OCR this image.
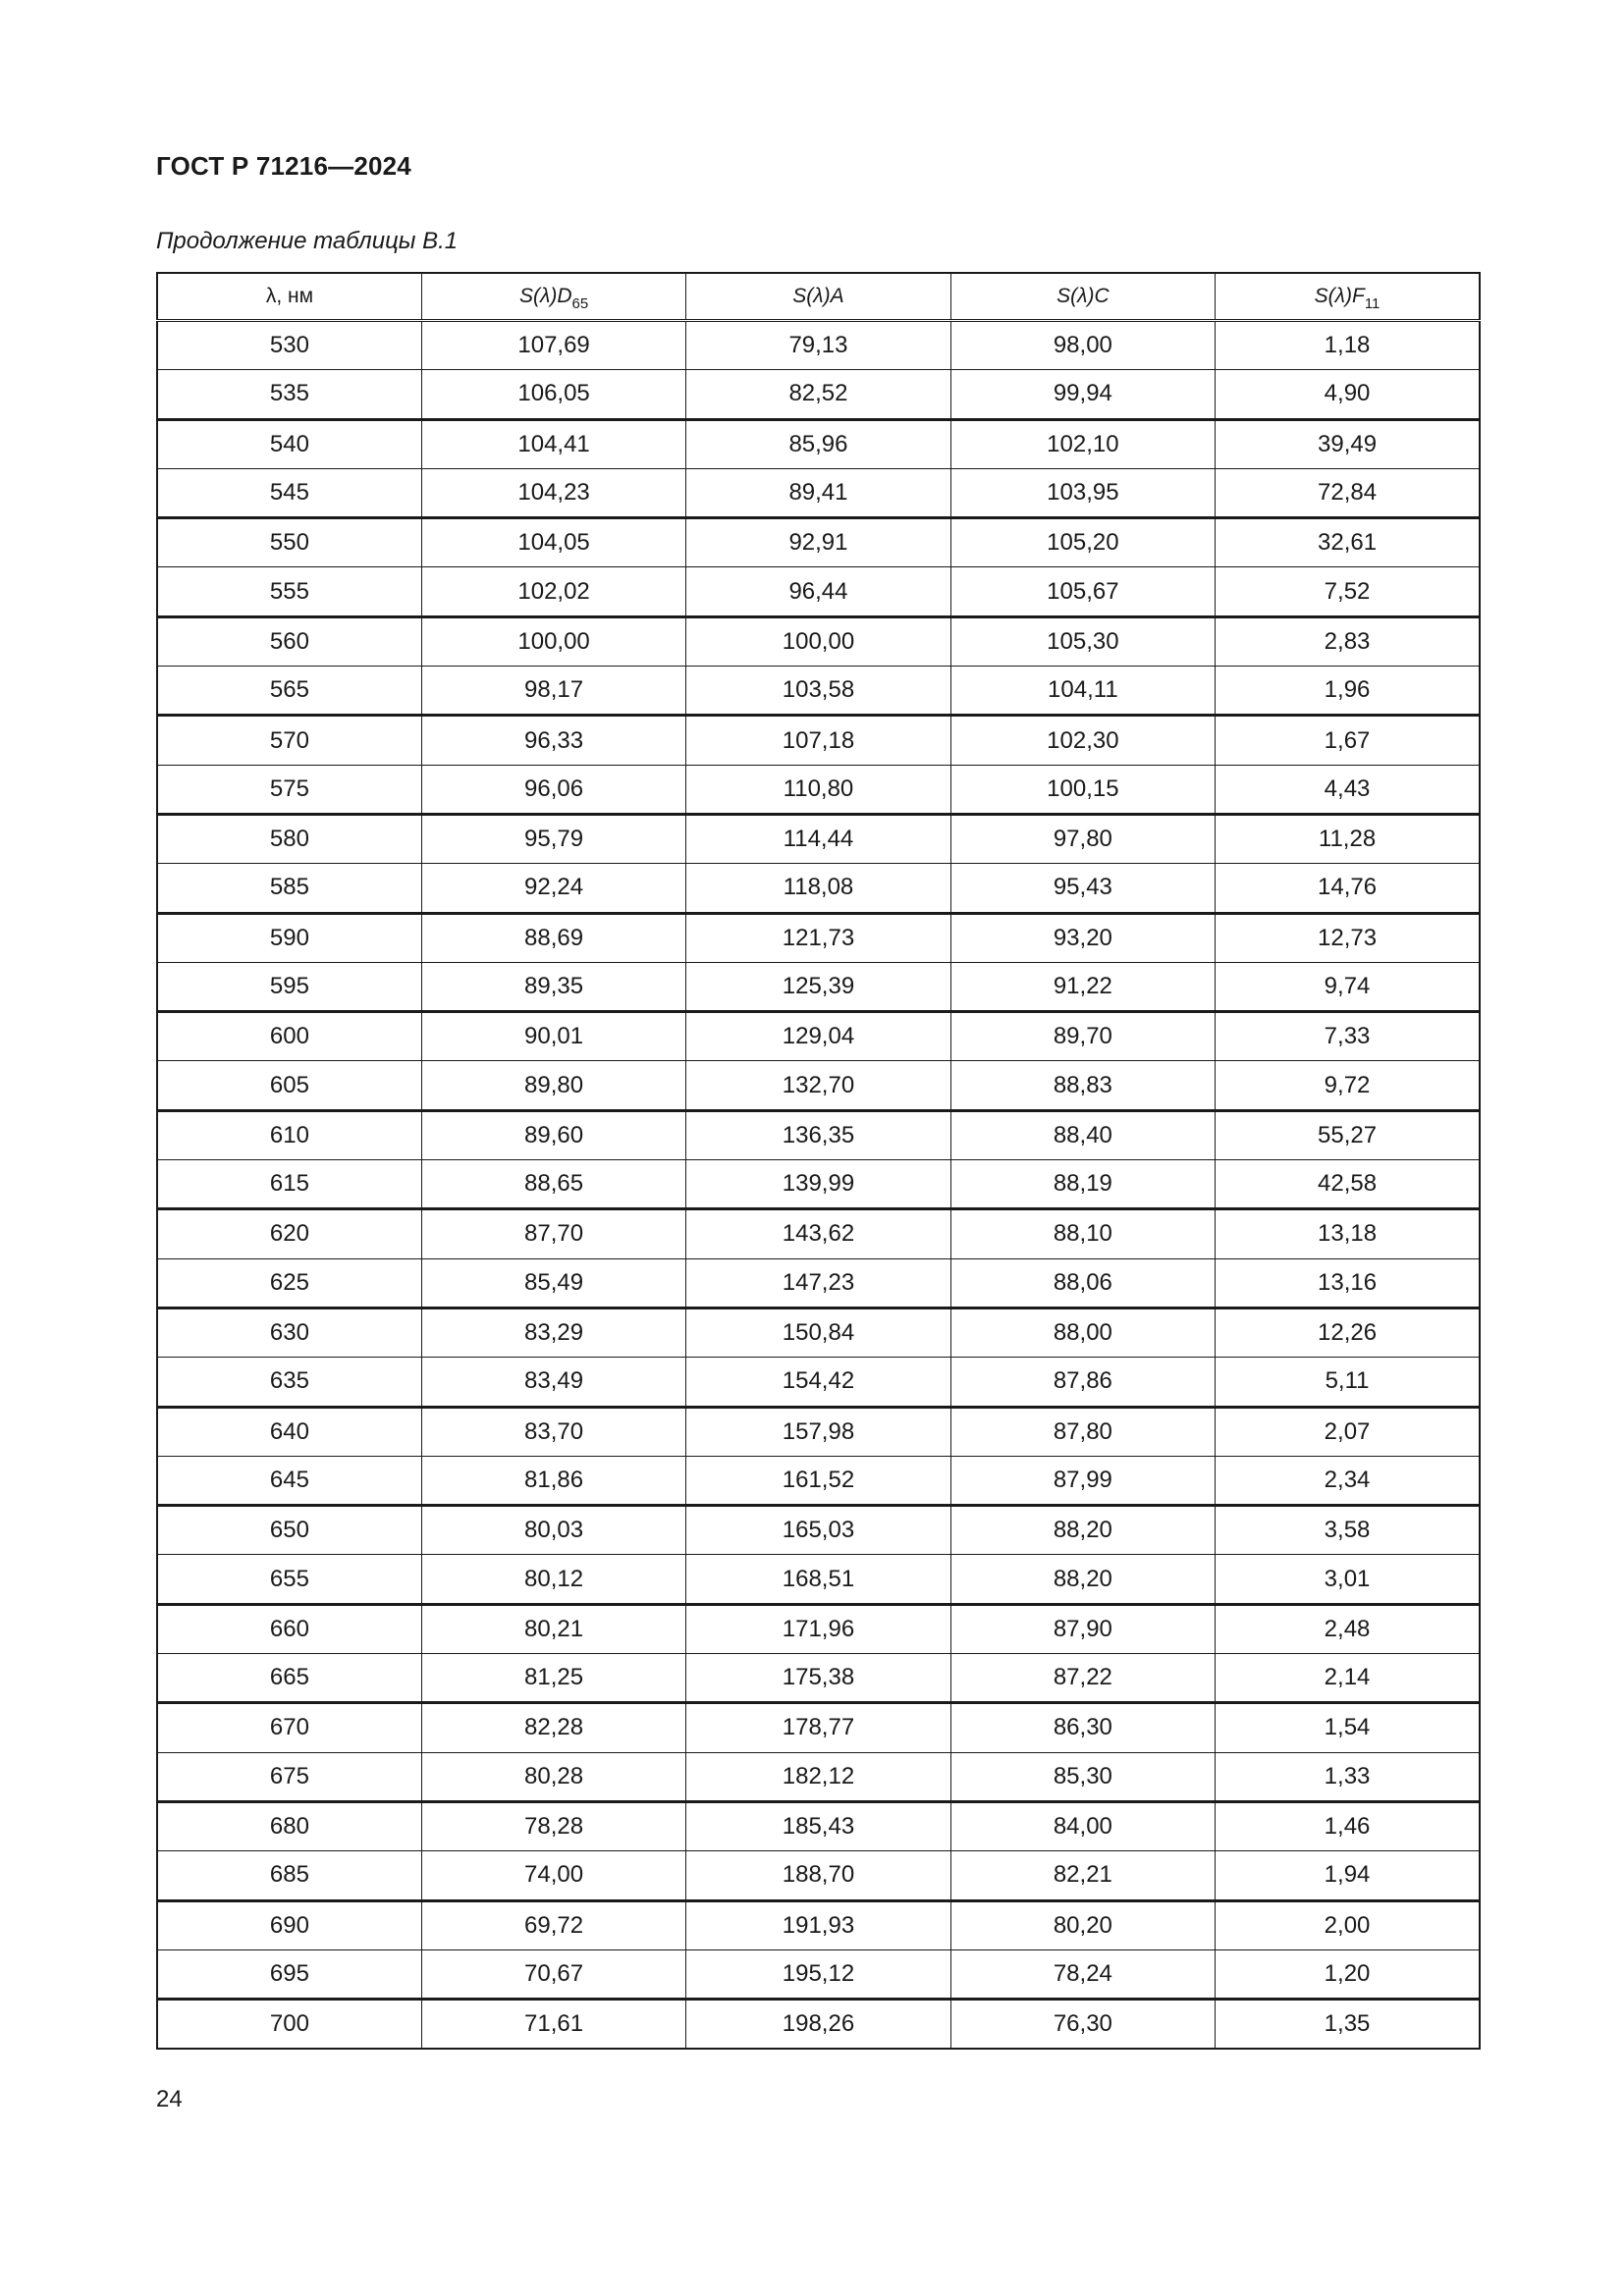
ГОСТ Р 71216—2024

Продолжение таблицы В.1

λ, нм	$S(\lambda)D_{65}$	S(λ)A	S(λ)C	$S(\lambda)F_{11}$
530	107,69	79,13	98,00	1,18
535	106,05	82,52	99,94	4,90
540	104,41	85,96	102,10	39,49
545	104,23	89,41	103,95	72,84
550	104,05	92,91	105,20	32,61
555	102,02	96,44	105,67	7,52
560	100,00	100,00	105,30	2,83
565	98,17	103,58	104,11	1,96
570	96,33	107,18	102,30	1,67
575	96,06	110,80	100,15	4,43
580	95,79	114,44	97,80	11,28
585	92,24	118,08	95,43	14,76
590	88,69	121,73	93,20	12,73
595	89,35	125,39	91,22	9,74
600	90,01	129,04	89,70	7,33
605	89,80	132,70	88,83	9,72
610	89,60	136,35	88,40	55,27
615	88,65	139,99	88,19	42,58
620	87,70	143,62	88,10	13,18
625	85,49	147,23	88,06	13,16
630	83,29	150,84	88,00	12,26
635	83,49	154,42	87,86	5,11
640	83,70	157,98	87,80	2,07
645	81,86	161,52	87,99	2,34
650	80,03	165,03	88,20	3,58
655	80,12	168,51	88,20	3,01
660	80,21	171,96	87,90	2,48
665	81,25	175,38	87,22	2,14
670	82,28	178,77	86,30	1,54
675	80,28	182,12	85,30	1,33
680	78,28	185,43	84,00	1,46
685	74,00	188,70	82,21	1,94
690	69,72	191,93	80,20	2,00
695	70,67	195,12	78,24	1,20
700	71,61	198,26	76,30	1,35

24
